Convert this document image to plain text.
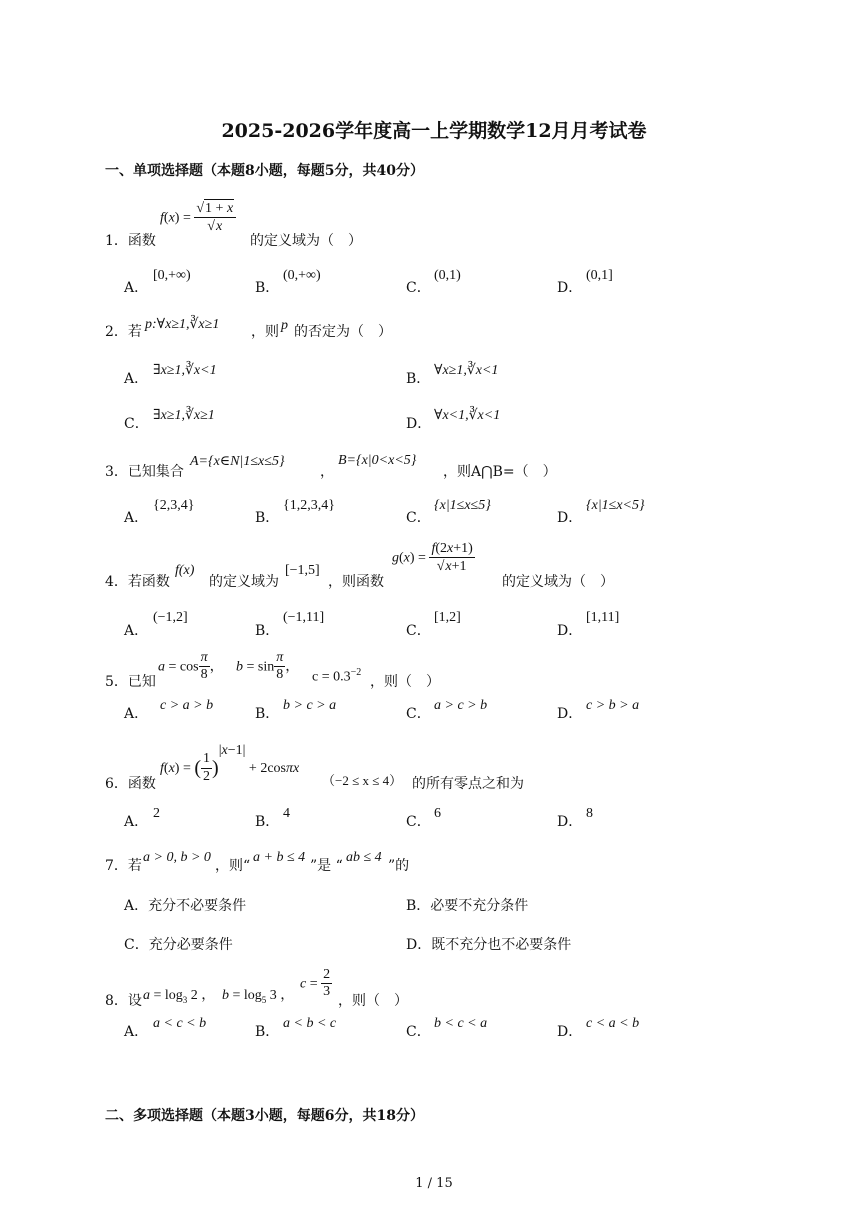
2025-2026学年度高一上学期数学12月月考试卷
一、单项选择题（本题8小题，每题5分，共40分）
1．函数
$f(x) = \frac{√1 + x}{√x}$
的定义域为（　）
A．
[0,+∞)
B．
(0,+∞)
C．
(0,1)
D．
(0,1]
2．若 p:∀x≥1,∛x≥1 ，则 p 的否定为（　）
A．
∃x≥1,∛x<1
B．
∀x≥1,∛x<1
C．
∃x≥1,∛x≥1
D．
∀x<1,∛x<1
3．已知集合
A={x∈N|1≤x≤5}
，
B={x|0<x<5}
，则A⋂B=（　）
A．
{2,3,4}
B．
{1,2,3,4}
C．
{x|1≤x≤5}
D．
{x|1≤x<5}
4．若函数
f(x)
的定义域为
[−1,5]
，则函数
$g(x) = \frac{f(2x+1)}{√x+1}$
的定义域为（　）
A．
(−1,2]
B．
(−1,11]
C．
[1,2]
D．
[1,11]
5．已知
$a = \cos \frac{\pi}{8}$ ， $b = \sin \frac{\pi}{8}$ ，
$c = 0.3^{-2}$
，则（　）
A．
c > a > b
B．
b > c > a
C．
a > c > b
D．
c > b > a
6．函数
f(x) = ( $\frac{1}{2} )^{|x-1|} + 2\cos\pi x$
（−2 ≤ x ≤ 4） 的所有零点之和为
A．
2
B．
4
C．
6
D．
8
7．若
a > 0, b > 0
，则“
a + b ≤ 4
”是 “
ab ≤ 4
”的
A．充分不必要条件	B．必要不充分条件
C．充分必要条件	D．既不充分也不必要条件
8．设 $a = \log_3 2$ ， $b = \log_5 3$ ，
$c = \frac{2}{3}$
，则（　）
A．
a < c < b
B．
a < b < c
C．
b < c < a
D．
c < a < b
二、多项选择题（本题3小题，每题6分，共18分）
1 / 15
